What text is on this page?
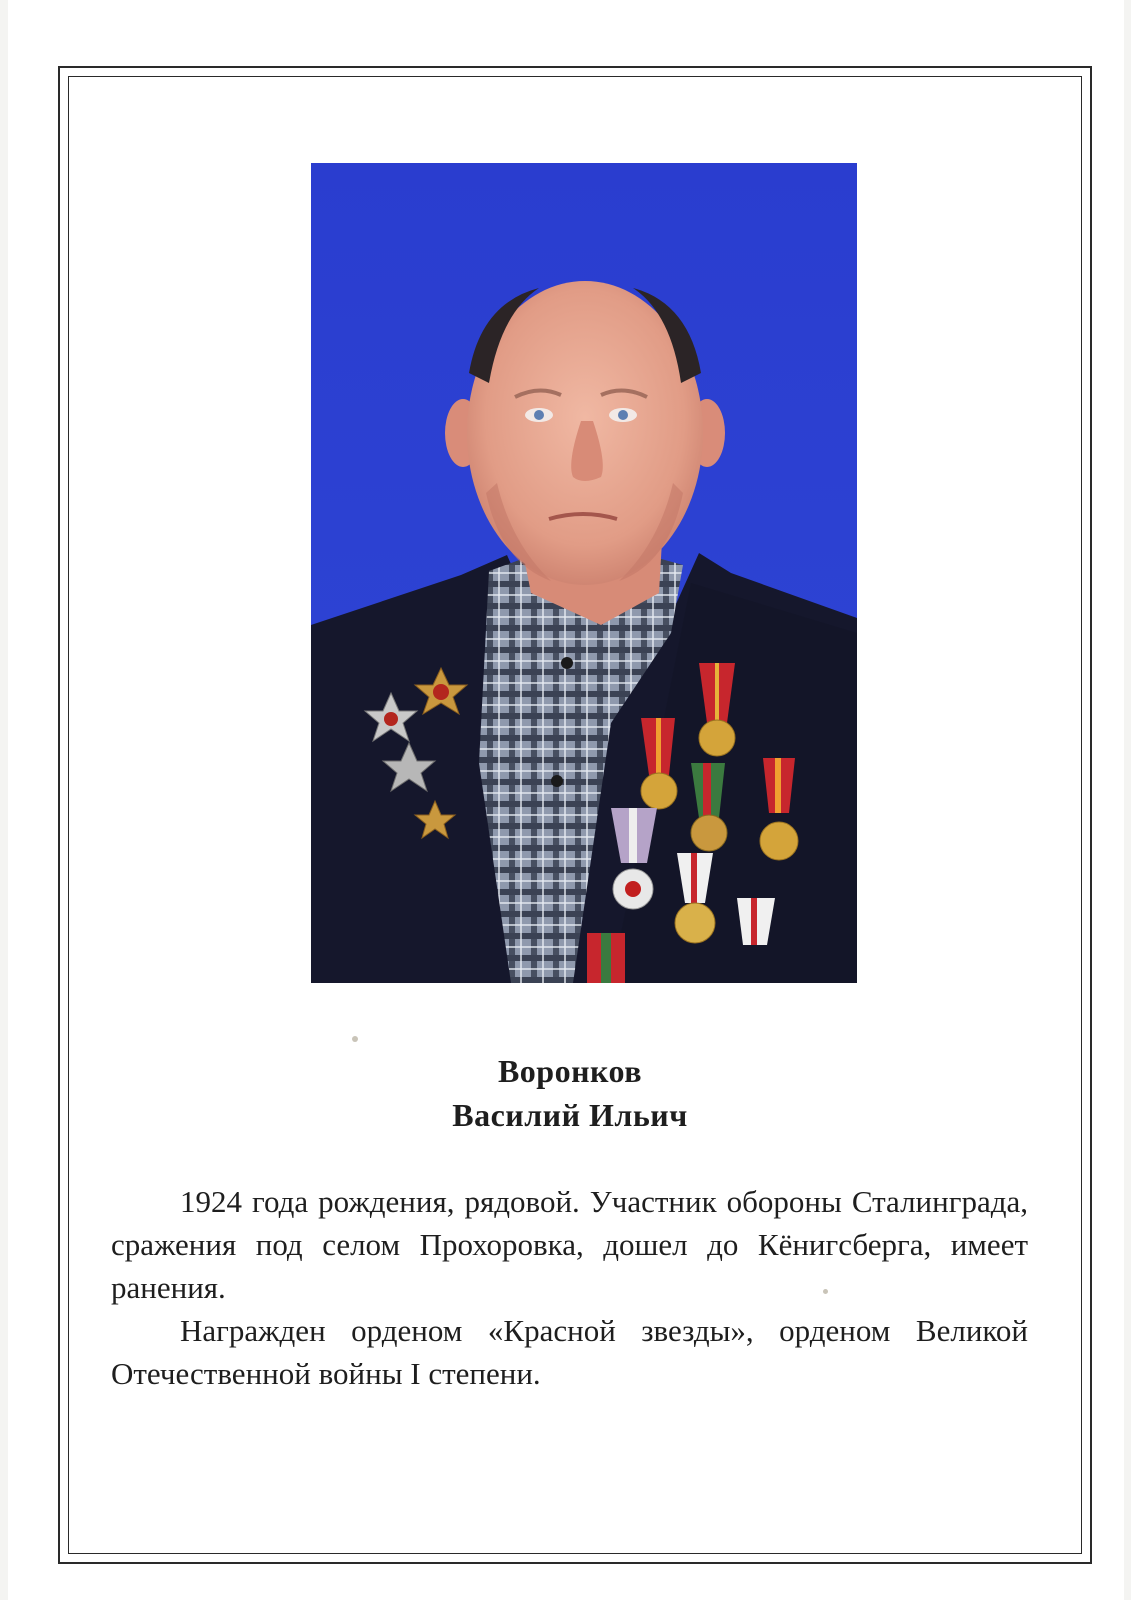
Воронков
Василий Ильич

1924 года рождения, рядовой. Участник обороны Сталинграда, сражения под селом Прохоровка, дошел до Кёнигсберга, имеет ранения.

Награжден орденом «Красной звезды», орденом Великой Отечественной войны I степени.
